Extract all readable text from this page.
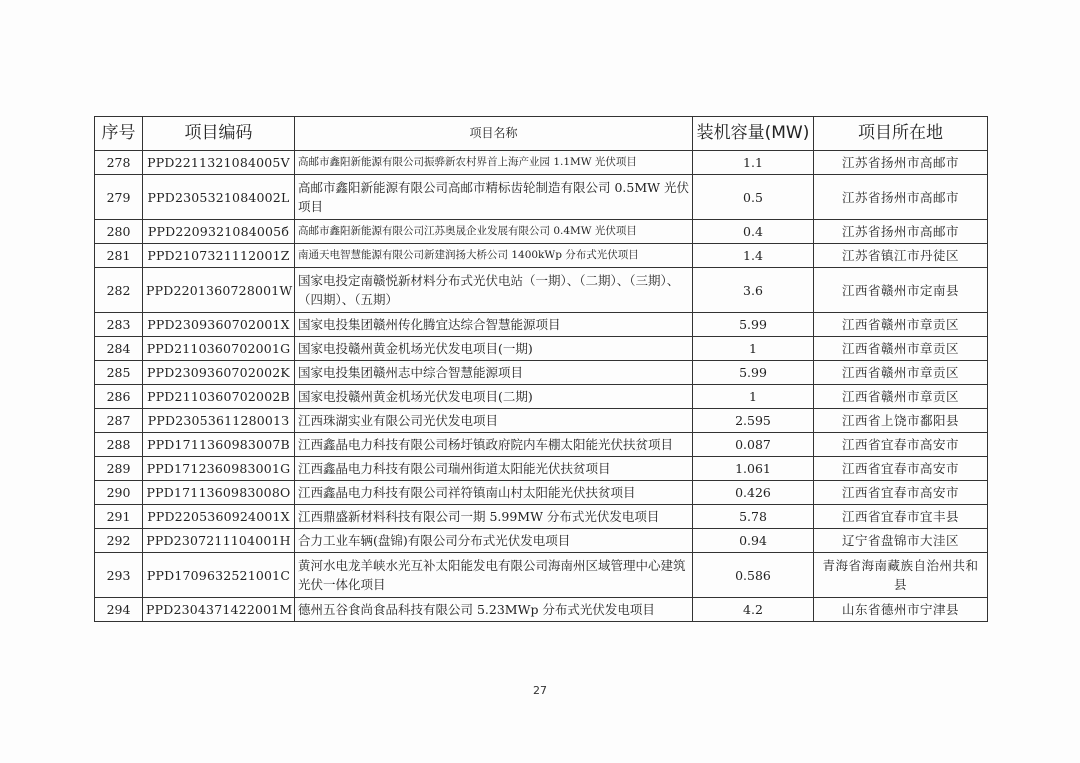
序号	项目编码	项目名称	装机容量(MW)	项目所在地
278	PPD2211321084005V	高邮市鑫阳新能源有限公司振骅新农村界首上海产业园 1.1MW 光伏项目	1.1	江苏省扬州市高邮市
279	PPD2305321084002L	高邮市鑫阳新能源有限公司高邮市精标齿轮制造有限公司 0.5MW 光伏项目	0.5	江苏省扬州市高邮市
280	PPD2209321084005б	高邮市鑫阳新能源有限公司江苏奥晟企业发展有限公司 0.4MW 光伏项目	0.4	江苏省扬州市高邮市
281	PPD2107321112001Z	南通天电智慧能源有限公司新建润扬大桥公司 1400kWp 分布式光伏项目	1.4	江苏省镇江市丹徒区
282	PPD2201360728001W	国家电投定南赣悦新材料分布式光伏电站（一期）、（二期）、（三期）、（四期）、（五期）	3.6	江西省赣州市定南县
283	PPD2309360702001X	国家电投集团赣州传化腾宜达综合智慧能源项目	5.99	江西省赣州市章贡区
284	PPD2110360702001G	国家电投赣州黄金机场光伏发电项目(一期)	1	江西省赣州市章贡区
285	PPD2309360702002K	国家电投集团赣州志中综合智慧能源项目	5.99	江西省赣州市章贡区
286	PPD2110360702002B	国家电投赣州黄金机场光伏发电项目(二期)	1	江西省赣州市章贡区
287	PPD2305361128001З	江西珠湖实业有限公司光伏发电项目	2.595	江西省上饶市鄱阳县
288	PPD1711360983007B	江西鑫晶电力科技有限公司杨圩镇政府院内车棚太阳能光伏扶贫项目	0.087	江西省宜春市高安市
289	PPD1712360983001G	江西鑫晶电力科技有限公司瑞州街道太阳能光伏扶贫项目	1.061	江西省宜春市高安市
290	PPD1711360983008O	江西鑫晶电力科技有限公司祥符镇南山村太阳能光伏扶贫项目	0.426	江西省宜春市高安市
291	PPD2205360924001X	江西鼎盛新材料科技有限公司一期 5.99MW 分布式光伏发电项目	5.78	江西省宜春市宜丰县
292	PPD2307211104001H	合力工业车辆(盘锦)有限公司分布式光伏发电项目	0.94	辽宁省盘锦市大洼区
293	PPD1709632521001C	黄河水电龙羊峡水光互补太阳能发电有限公司海南州区域管理中心建筑光伏一体化项目	0.586	青海省海南藏族自治州共和县
294	PPD2304371422001M	德州五谷食尚食品科技有限公司 5.23MWp 分布式光伏发电项目	4.2	山东省德州市宁津县
27
